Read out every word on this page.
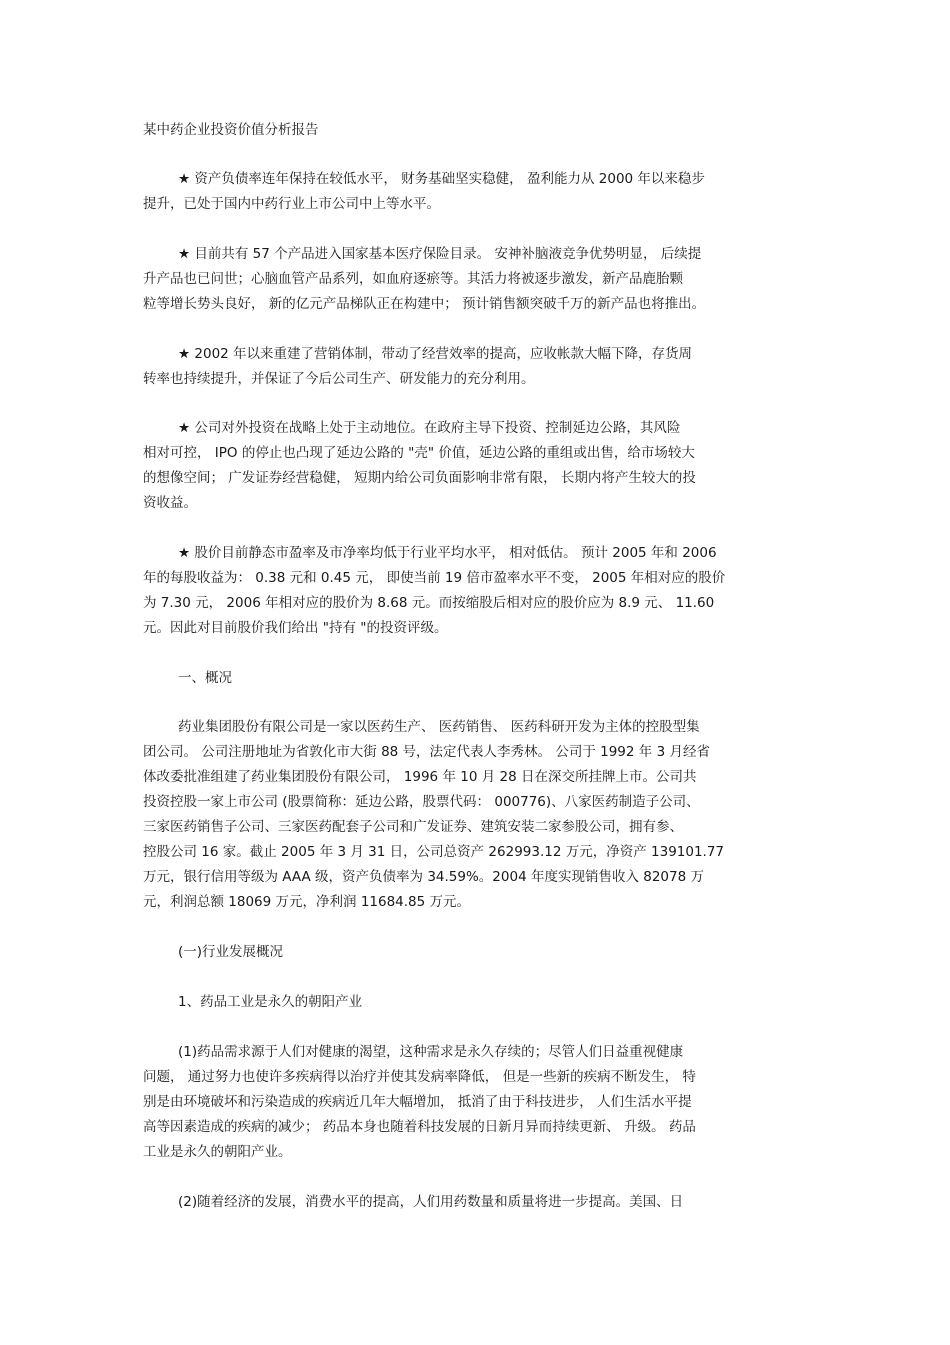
某中药企业投资价值分析报告
★ 资产负债率连年保持在较低水平， 财务基础坚实稳健， 盈利能力从 2000 年以来稳步
提升，已处于国内中药行业上市公司中上等水平。
★ 目前共有 57 个产品进入国家基本医疗保险目录。 安神补脑液竞争优势明显， 后续提
升产品也已问世；心脑血管产品系列，如血府逐瘀等。其活力将被逐步激发，新产品鹿胎颗
粒等增长势头良好， 新的亿元产品梯队正在构建中； 预计销售额突破千万的新产品也将推出。
★ 2002 年以来重建了营销体制，带动了经营效率的提高，应收帐款大幅下降，存货周
转率也持续提升，并保证了今后公司生产、研发能力的充分利用。
★ 公司对外投资在战略上处于主动地位。在政府主导下投资、控制延边公路，其风险
相对可控， IPO 的停止也凸现了延边公路的 "壳" 价值，延边公路的重组或出售，给市场较大
的想像空间； 广发证券经营稳健， 短期内给公司负面影响非常有限， 长期内将产生较大的投
资收益。
★ 股价目前静态市盈率及市净率均低于行业平均水平， 相对低估。 预计 2005 年和 2006
年的每股收益为： 0.38 元和 0.45 元， 即使当前 19 倍市盈率水平不变， 2005 年相对应的股价
为 7.30 元， 2006 年相对应的股价为 8.68 元。而按缩股后相对应的股价应为 8.9 元、 11.60
元。因此对目前股价我们给出 "持有 "的投资评级。
一、概况
药业集团股份有限公司是一家以医药生产、 医药销售、 医药科研开发为主体的控股型集
团公司。 公司注册地址为省敦化市大街 88 号，法定代表人李秀林。 公司于 1992 年 3 月经省
体改委批准组建了药业集团股份有限公司， 1996 年 10 月 28 日在深交所挂牌上市。公司共
投资控股一家上市公司 (股票简称：延边公路，股票代码： 000776)、八家医药制造子公司、
三家医药销售子公司、三家医药配套子公司和广发证券、建筑安装二家参股公司，拥有参、
控股公司 16 家。截止 2005 年 3 月 31 日，公司总资产 262993.12 万元，净资产 139101.77
万元，银行信用等级为 AAA 级，资产负债率为 34.59%。2004 年度实现销售收入 82078 万
元，利润总额 18069 万元，净利润 11684.85 万元。
(一)行业发展概况
1、药品工业是永久的朝阳产业
(1)药品需求源于人们对健康的渴望，这种需求是永久存续的；尽管人们日益重视健康
问题， 通过努力也使许多疾病得以治疗并使其发病率降低， 但是一些新的疾病不断发生， 特
别是由环境破坏和污染造成的疾病近几年大幅增加， 抵消了由于科技进步， 人们生活水平提
高等因素造成的疾病的减少； 药品本身也随着科技发展的日新月异而持续更新、 升级。 药品
工业是永久的朝阳产业。
(2)随着经济的发展，消费水平的提高，人们用药数量和质量将进一步提高。美国、日
